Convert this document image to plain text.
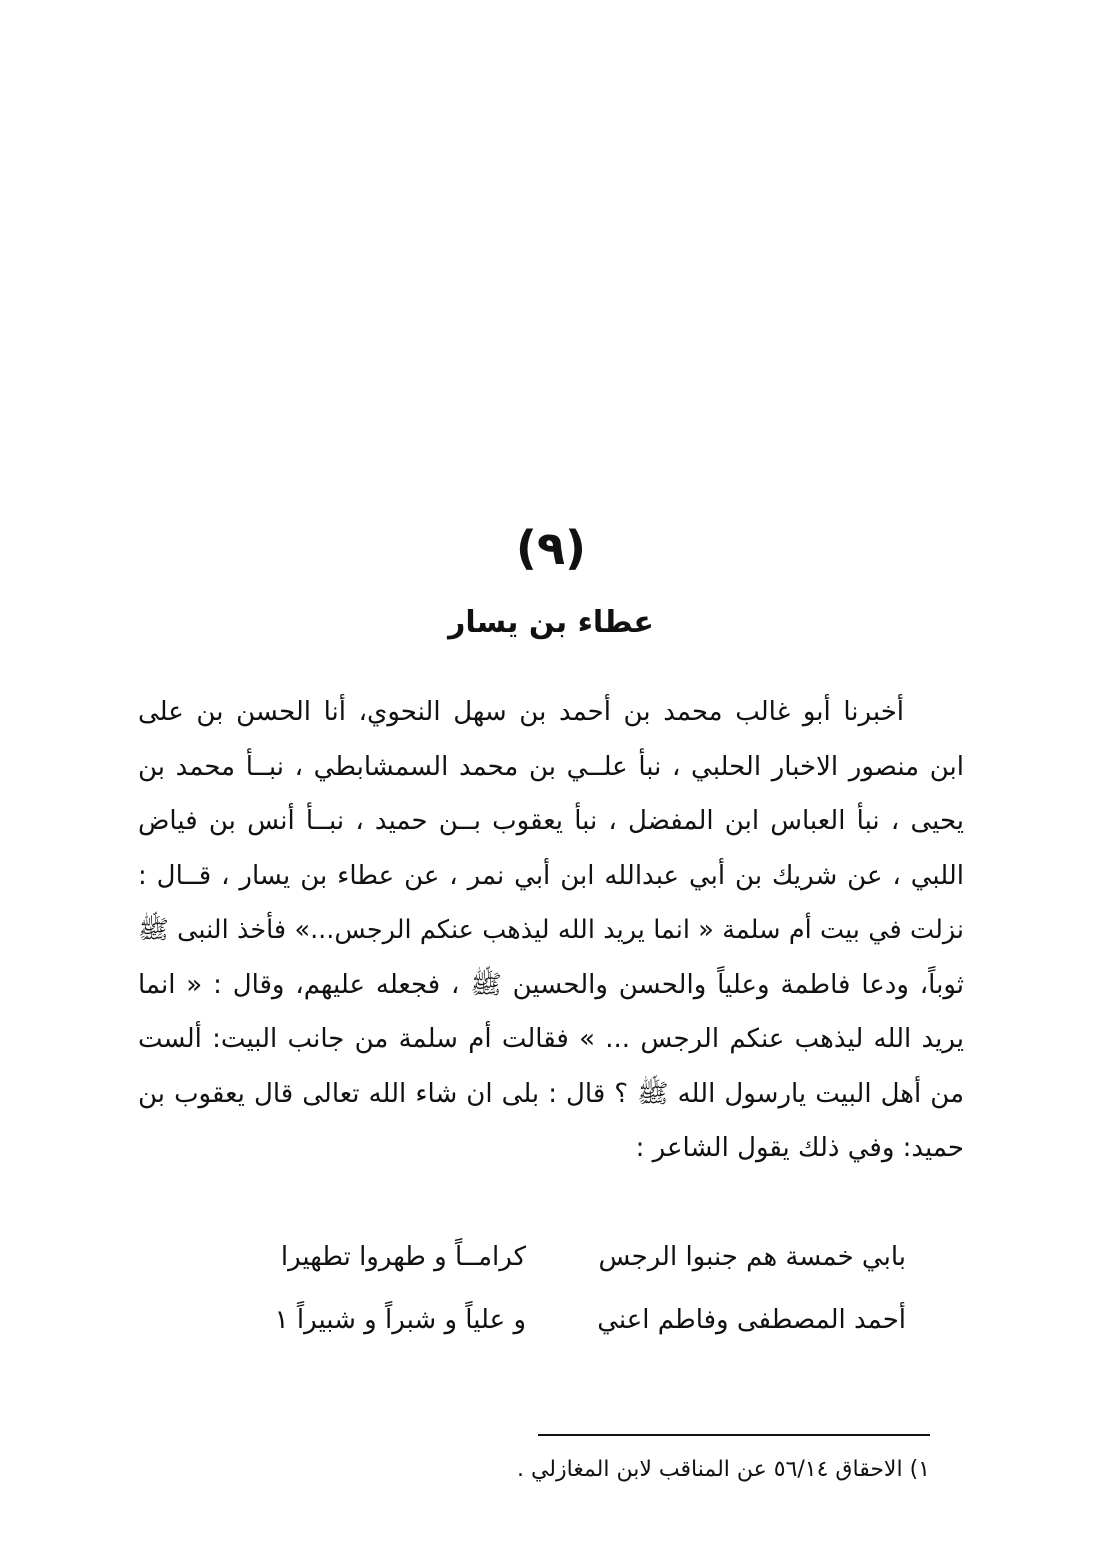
(٩)
عطاء بن يسار
أخبرنا أبو غالب محمد بن أحمد بن سهل النحوي، أنا الحسن بن على
ابن منصور الاخبار الحلبي ، نبأ علــي بن محمد السمشابطي ، نبــأ محمد بن
يحيى ، نبأ العباس ابن المفضل ، نبأ يعقوب بــن حميد ، نبــأ أنس بن فياض
اللبي ، عن شريك بن أبي عبدالله ابن أبي نمر ، عن عطاء بن يسار ، قــال :
نزلت في بيت أم سلمة « انما يريد الله ليذهب عنكم الرجس...» فأخذ النبى ﷺ
ثوباً، ودعا فاطمة وعلياً والحسن والحسين ﷺ ، فجعله عليهم، وقال : « انما
يريد الله ليذهب عنكم الرجس ... » فقالت أم سلمة من جانب البيت: ألست
من أهل البيت يارسول الله ﷺ ؟ قال : بلى ان شاء الله تعالى قال يعقوب بن
حميد: وفي ذلك يقول الشاعر :
بابي خمسة هم جنبوا الرجس
كرامــاً و طهروا تطهيرا
أحمد المصطفى وفاطم اعني
و علياً و شبراً و شبيراً ١
١) الاحقاق ٥٦/١٤ عن المناقب لابن المغازلي .
